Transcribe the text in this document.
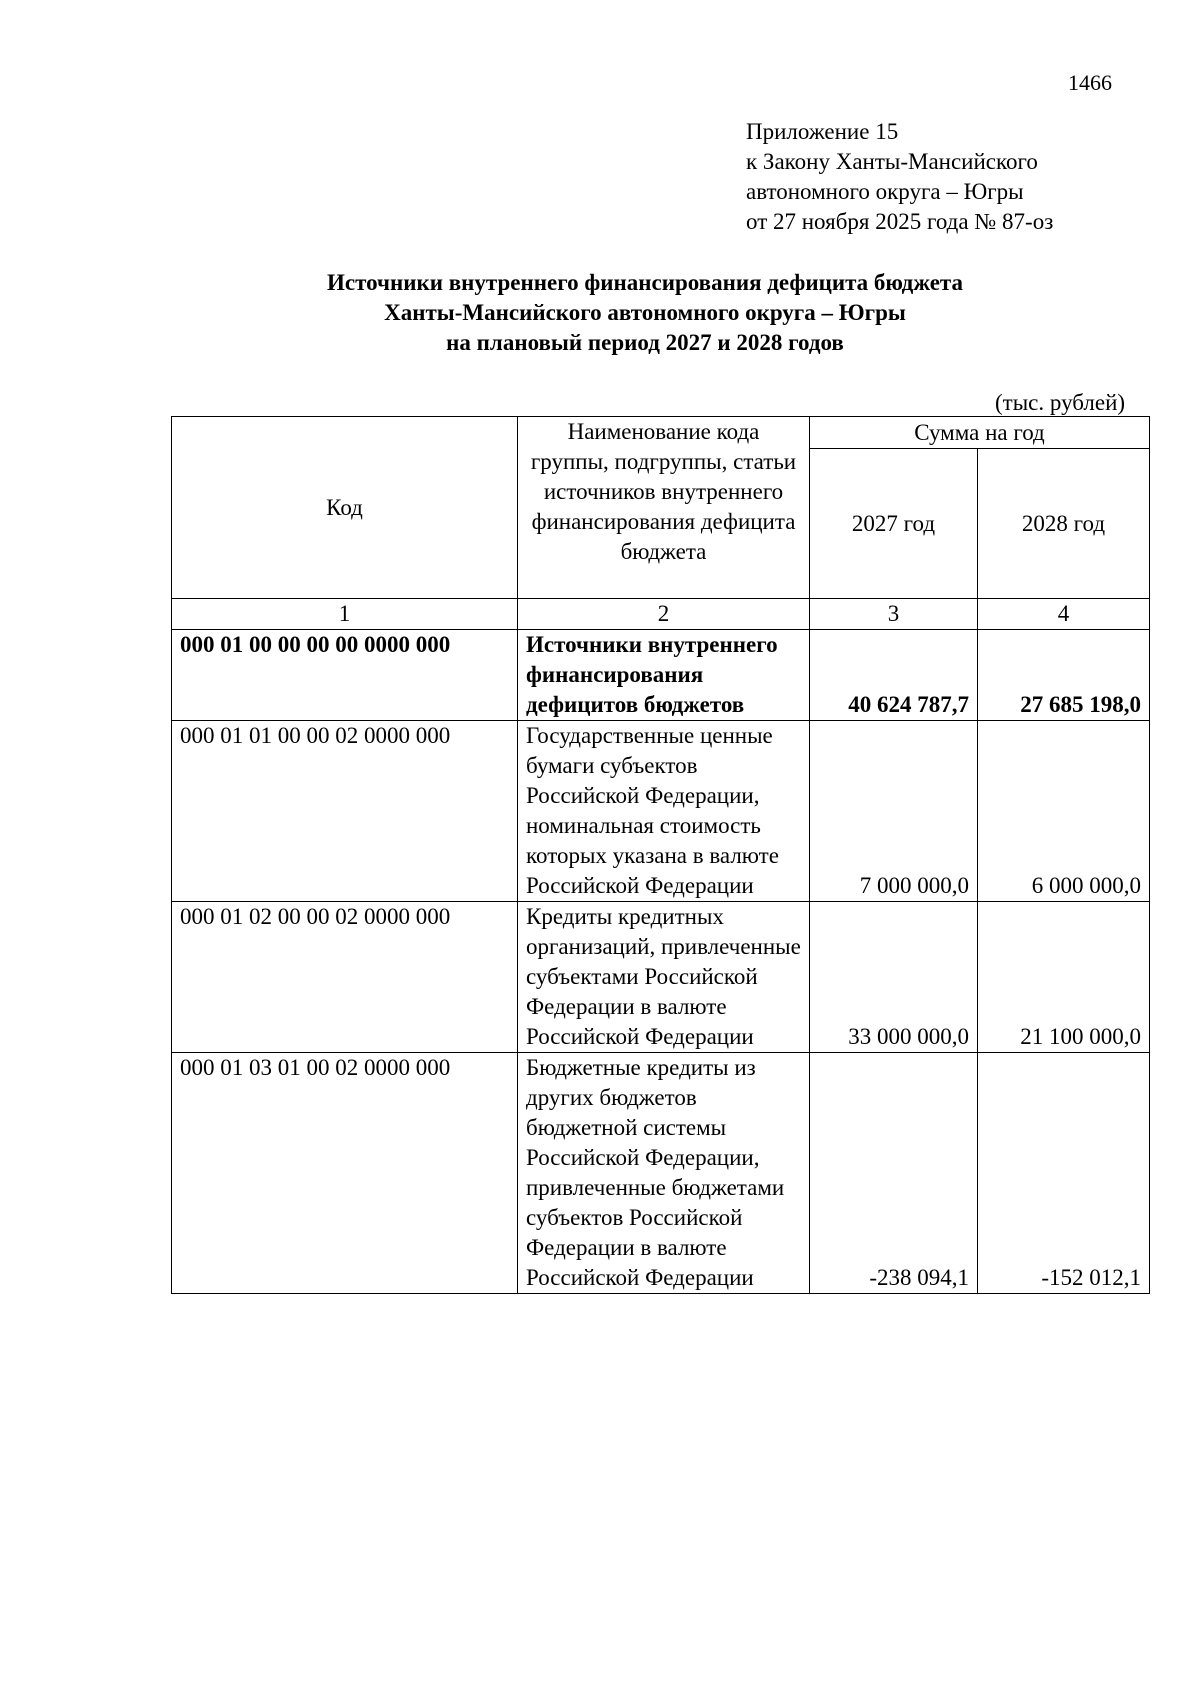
1466
Приложение 15
к Закону Ханты-Мансийского
автономного округа – Югры
от 27 ноября 2025 года № 87-оз
Источники внутреннего финансирования дефицита бюджета
Ханты-Мансийского автономного округа – Югры
на плановый период 2027 и 2028 годов
(тыс. рублей)
Код	Наименование кода группы, подгруппы, статьи источников внутреннего финансирования дефицита бюджета	Сумма на год	
		2027 год	2028 год
1	2	3	4
000 01 00 00 00 00 0000 000	Источники внутреннего финансирования дефицитов бюджетов	40 624 787,7	27 685 198,0
000 01 01 00 00 02 0000 000	Государственные ценные бумаги субъектов Российской Федерации, номинальная стоимость которых указана в валюте Российской Федерации	7 000 000,0	6 000 000,0
000 01 02 00 00 02 0000 000	Кредиты кредитных организаций, привлеченные субъектами Российской Федерации в валюте Российской Федерации	33 000 000,0	21 100 000,0
000 01 03 01 00 02 0000 000	Бюджетные кредиты из других бюджетов бюджетной системы Российской Федерации, привлеченные бюджетами субъектов Российской Федерации в валюте Российской Федерации	-238 094,1	-152 012,1
